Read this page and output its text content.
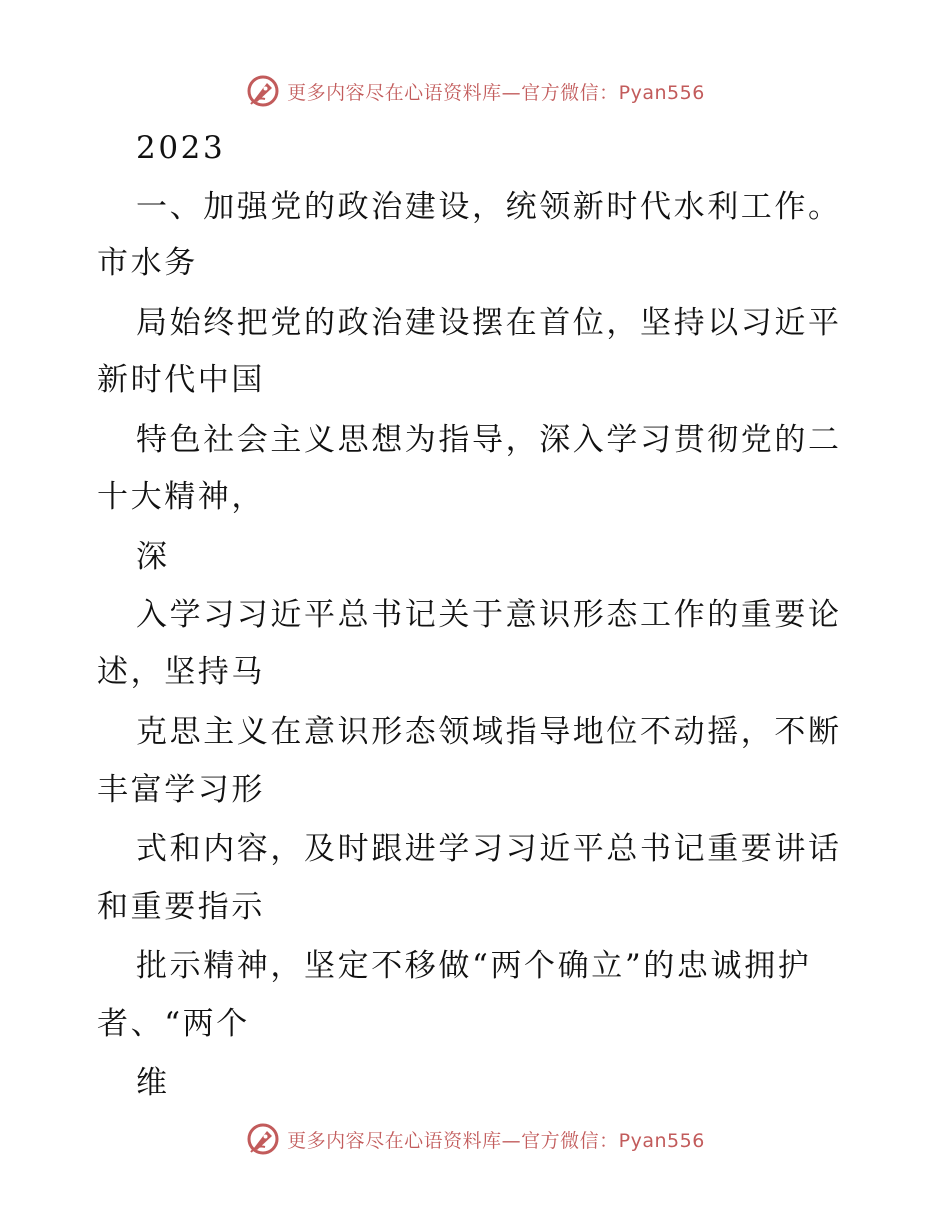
更多内容尽在心语资料库—官方微信：Pyan556
2023
一、加强党的政治建设，统领新时代水利工作。
市水务
局始终把党的政治建设摆在首位，坚持以习近平
新时代中国
特色社会主义思想为指导，深入学习贯彻党的二
十大精神，
深
入学习习近平总书记关于意识形态工作的重要论
述，坚持马
克思主义在意识形态领域指导地位不动摇，不断
丰富学习形
式和内容，及时跟进学习习近平总书记重要讲话
和重要指示
批示精神，坚定不移做“两个确立”的忠诚拥护
者、“两个
维
更多内容尽在心语资料库—官方微信：Pyan556
